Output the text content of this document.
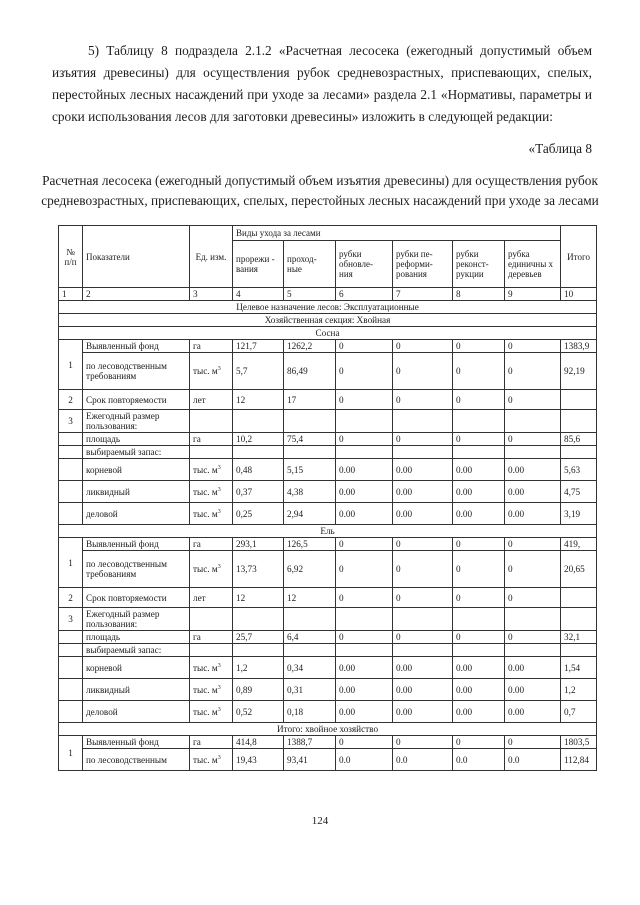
5) Таблицу 8 подраздела 2.1.2 «Расчетная лесосека (ежегодный допустимый объем изъятия древесины) для осуществления рубок средневозрастных, приспевающих, спелых, перестойных лесных насаждений при уходе за лесами» раздела 2.1 «Нормативы, параметры и сроки использования лесов для заготовки древесины» изложить в следующей редакции:

«Таблица 8
Расчетная лесосека (ежегодный допустимый объем изъятия древесины) для осуществления рубок средневозрастных, приспевающих, спелых, перестойных лесных насаждений при уходе за лесами
№ п/п	Показатели	Ед. изм.	Виды ухода за лесами						Итого
			прорежи - вания	проход- ные	рубки обновле- ния	рубки пе- реформи- рования	рубки реконст- рукции	рубка единичны х деревьев	
1	2	3	4	5	6	7	8	9	10
Целевое назначение лесов: Эксплуатационные									
Хозяйственная секция: Хвойная									
Сосна									
1	Выявленный фонд	га	121,7	1262,2	0	0	0	0	1383,9
	по лесоводственным требованиям	тыс. $м^3$	5,7	86,49	0	0	0	0	92,19
2	Срок повторяемости	лет	12	17	0	0	0	0	
3	Ежегодный размер пользования:								
	площадь	га	10,2	75,4	0	0	0	0	85,6
	выбираемый запас:								
	корневой	тыс. $м^3$	0,48	5,15	0.00	0.00	0.00	0.00	5,63
	ликвидный	тыс. $м^3$	0,37	4,38	0.00	0.00	0.00	0.00	4,75
	деловой	тыс. $м^3$	0,25	2,94	0.00	0.00	0.00	0.00	3,19
Ель									
1	Выявленный фонд	га	293,1	126,5	0	0	0	0	419,
	по лесоводственным требованиям	тыс. $м^3$	13,73	6,92	0	0	0	0	20,65
2	Срок повторяемости	лет	12	12	0	0	0	0	
3	Ежегодный размер пользования:								
	площадь	га	25,7	6,4	0	0	0	0	32,1
	выбираемый запас:								
	корневой	тыс. $м^3$	1,2	0,34	0.00	0.00	0.00	0.00	1,54
	ликвидный	тыс. $м^3$	0,89	0,31	0.00	0.00	0.00	0.00	1,2
	деловой	тыс. $м^3$	0,52	0,18	0.00	0.00	0.00	0.00	0,7
Итого: хвойное хозяйство									
1	Выявленный фонд	га	414,8	1388,7	0	0	0	0	1803,5
	по лесоводственным	тыс. $м^3$	19,43	93,41	0.0	0.0	0.0	0.0	112,84
124
